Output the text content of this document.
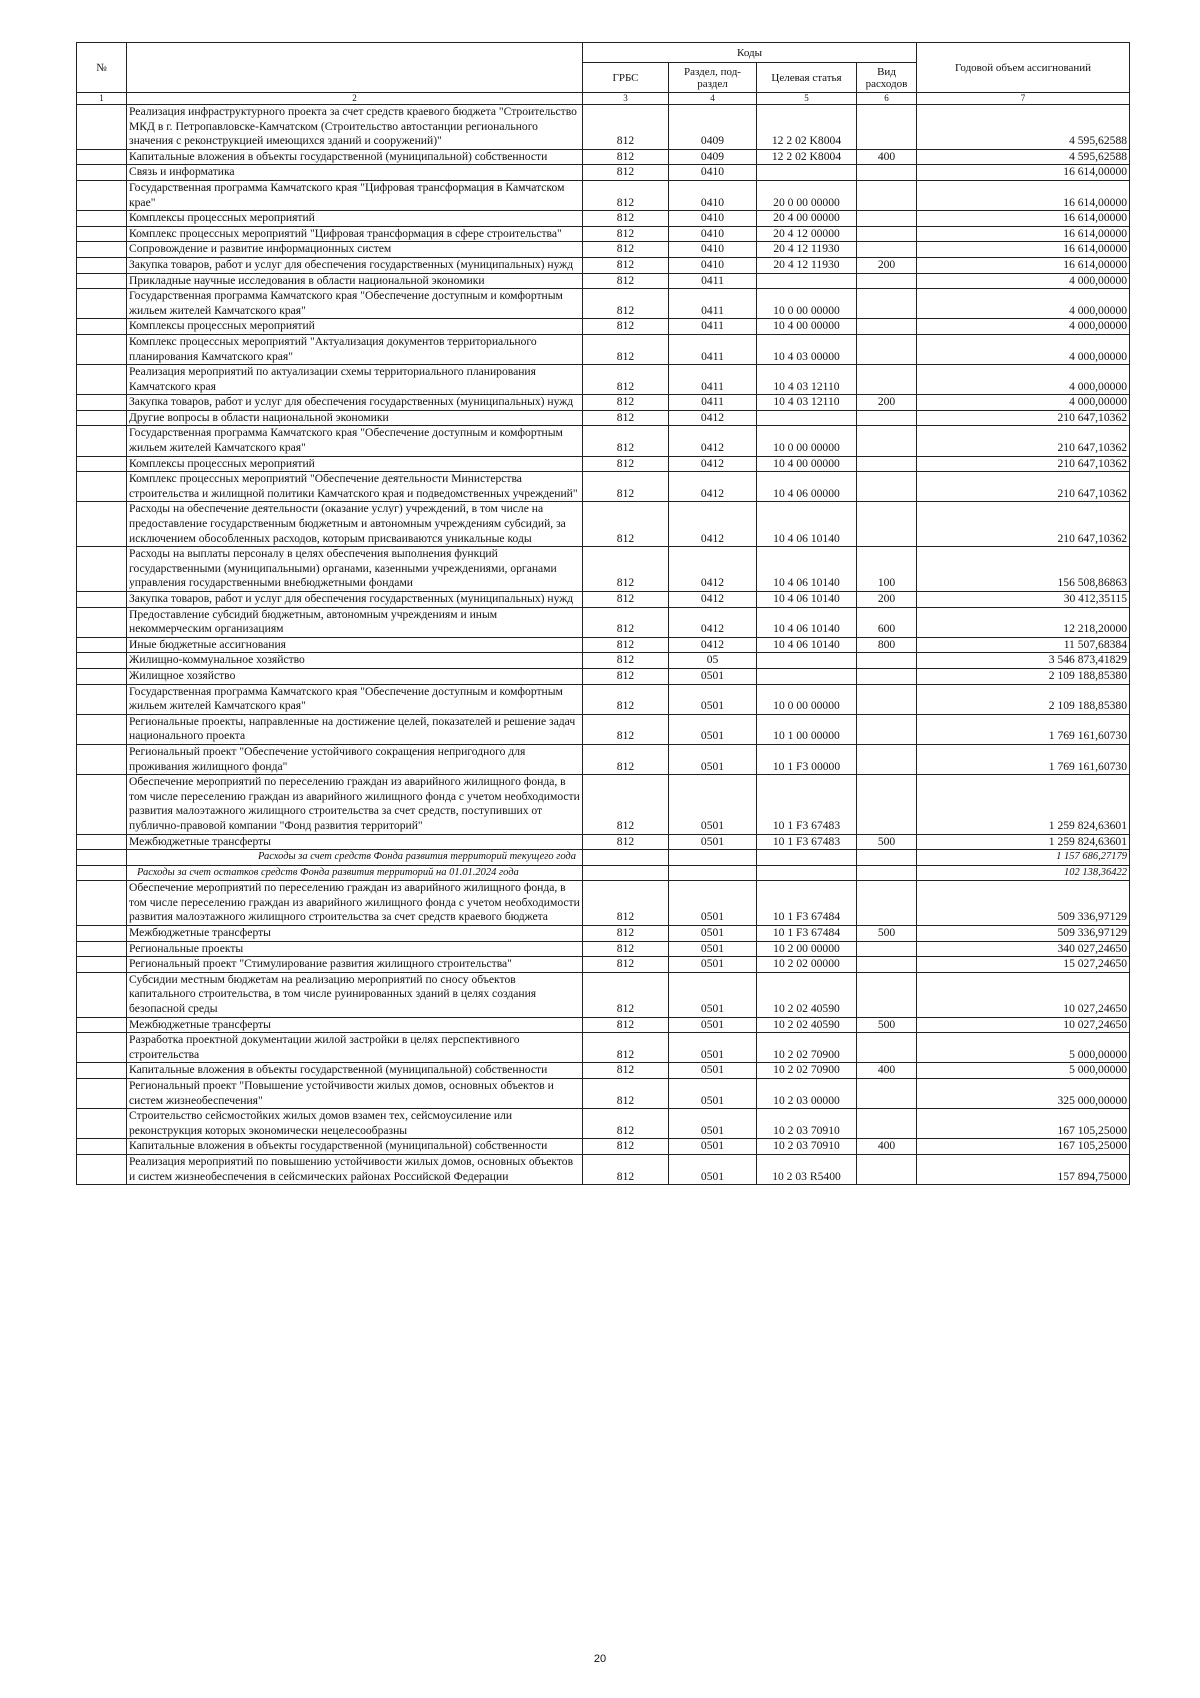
№		Коды				Годовой объем ассигнований
		ГРБС	Раздел, под-раздел	Целевая статья	Вид расходов	
1	2	3	4	5	6	7
	Реализация инфраструктурного проекта за счет средств краевого бюджета "Строительство МКД в г. Петропавловске-Камчатском (Строительство автостанции регионального значения с реконструкцией имеющихся зданий и сооружений)"	812	0409	12 2 02 K8004		4 595,62588
	Капитальные вложения в объекты государственной (муниципальной) собственности	812	0409	12 2 02 K8004	400	4 595,62588
	Связь и информатика	812	0410			16 614,00000
	Государственная программа Камчатского края "Цифровая трансформация в Камчатском крае"	812	0410	20 0 00 00000		16 614,00000
	Комплексы процессных мероприятий	812	0410	20 4 00 00000		16 614,00000
	Комплекс процессных мероприятий "Цифровая трансформация в сфере строительства"	812	0410	20 4 12 00000		16 614,00000
	Сопровождение и развитие информационных систем	812	0410	20 4 12 11930		16 614,00000
	Закупка товаров, работ и услуг для обеспечения государственных (муниципальных) нужд	812	0410	20 4 12 11930	200	16 614,00000
	Прикладные научные исследования в области национальной экономики	812	0411			4 000,00000
	Государственная программа Камчатского края "Обеспечение доступным и комфортным жильем жителей Камчатского края"	812	0411	10 0 00 00000		4 000,00000
	Комплексы процессных мероприятий	812	0411	10 4 00 00000		4 000,00000
	Комплекс процессных мероприятий "Актуализация документов территориального планирования Камчатского края"	812	0411	10 4 03 00000		4 000,00000
	Реализация мероприятий по актуализации схемы территориального планирования Камчатского края	812	0411	10 4 03 12110		4 000,00000
	Закупка товаров, работ и услуг для обеспечения государственных (муниципальных) нужд	812	0411	10 4 03 12110	200	4 000,00000
	Другие вопросы в области национальной экономики	812	0412			210 647,10362
	Государственная программа Камчатского края "Обеспечение доступным и комфортным жильем жителей Камчатского края"	812	0412	10 0 00 00000		210 647,10362
	Комплексы процессных мероприятий	812	0412	10 4 00 00000		210 647,10362
	Комплекс процессных мероприятий "Обеспечение деятельности Министерства строительства и жилищной политики Камчатского края и подведомственных учреждений"	812	0412	10 4 06 00000		210 647,10362
	Расходы на обеспечение деятельности (оказание услуг) учреждений, в том числе на предоставление государственным бюджетным и автономным учреждениям субсидий, за исключением обособленных расходов, которым присваиваются уникальные коды	812	0412	10 4 06 10140		210 647,10362
	Расходы на выплаты персоналу в целях обеспечения выполнения функций государственными (муниципальными) органами, казенными учреждениями, органами управления государственными внебюджетными фондами	812	0412	10 4 06 10140	100	156 508,86863
	Закупка товаров, работ и услуг для обеспечения государственных (муниципальных) нужд	812	0412	10 4 06 10140	200	30 412,35115
	Предоставление субсидий бюджетным, автономным учреждениям и иным некоммерческим организациям	812	0412	10 4 06 10140	600	12 218,20000
	Иные бюджетные ассигнования	812	0412	10 4 06 10140	800	11 507,68384
	Жилищно-коммунальное хозяйство	812	05			3 546 873,41829
	Жилищное хозяйство	812	0501			2 109 188,85380
	Государственная программа Камчатского края "Обеспечение доступным и комфортным жильем жителей Камчатского края"	812	0501	10 0 00 00000		2 109 188,85380
	Региональные проекты, направленные на достижение целей, показателей и решение задач национального проекта	812	0501	10 1 00 00000		1 769 161,60730
	Региональный проект "Обеспечение устойчивого сокращения непригодного для проживания жилищного фонда"	812	0501	10 1 F3 00000		1 769 161,60730
	Обеспечение мероприятий по переселению граждан из аварийного жилищного фонда, в том числе переселению граждан из аварийного жилищного фонда с учетом необходимости развития малоэтажного жилищного строительства за счет средств, поступивших от публично-правовой компании "Фонд развития территорий"	812	0501	10 1 F3 67483		1 259 824,63601
	Межбюджетные трансферты	812	0501	10 1 F3 67483	500	1 259 824,63601
	Расходы за счет средств Фонда развития территорий текущего года					1 157 686,27179
	Расходы за счет остатков средств Фонда развития территорий на 01.01.2024 года					102 138,36422
	Обеспечение мероприятий по переселению граждан из аварийного жилищного фонда, в том числе переселению граждан из аварийного жилищного фонда с учетом необходимости развития малоэтажного жилищного строительства за счет средств краевого бюджета	812	0501	10 1 F3 67484		509 336,97129
	Межбюджетные трансферты	812	0501	10 1 F3 67484	500	509 336,97129
	Региональные проекты	812	0501	10 2 00 00000		340 027,24650
	Региональный проект "Стимулирование развития жилищного строительства"	812	0501	10 2 02 00000		15 027,24650
	Субсидии местным бюджетам на реализацию мероприятий по сносу объектов капитального строительства, в том числе руинированных зданий в целях создания безопасной среды	812	0501	10 2 02 40590		10 027,24650
	Межбюджетные трансферты	812	0501	10 2 02 40590	500	10 027,24650
	Разработка проектной документации жилой застройки в целях перспективного строительства	812	0501	10 2 02 70900		5 000,00000
	Капитальные вложения в объекты государственной (муниципальной) собственности	812	0501	10 2 02 70900	400	5 000,00000
	Региональный проект "Повышение устойчивости жилых домов, основных объектов и систем жизнеобеспечения"	812	0501	10 2 03 00000		325 000,00000
	Строительство сейсмостойких жилых домов взамен тех, сейсмоусиление или реконструкция которых экономически нецелесообразны	812	0501	10 2 03 70910		167 105,25000
	Капитальные вложения в объекты государственной (муниципальной) собственности	812	0501	10 2 03 70910	400	167 105,25000
	Реализация мероприятий по повышению устойчивости жилых домов, основных объектов и систем жизнеобеспечения в сейсмических районах Российской Федерации	812	0501	10 2 03 R5400		157 894,75000
20
